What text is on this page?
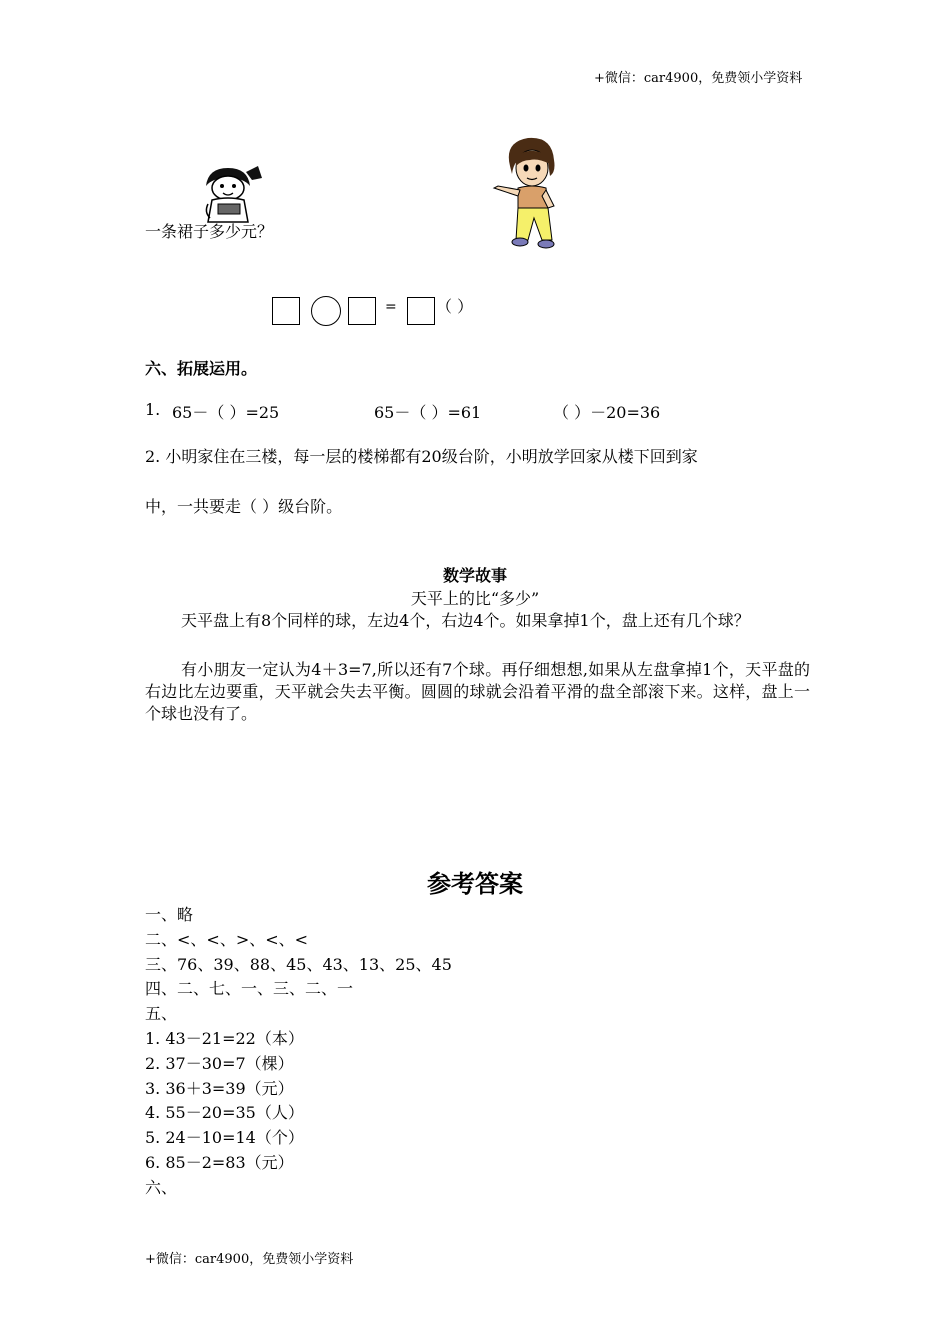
+微信：car4900，免费领小学资料
一条裙子多少元？
= （ ）
六、拓展运用。
1. 65－（ ）=25	65－（ ）=61	（ ）－20=36
2. 小明家住在三楼，每一层的楼梯都有20级台阶，小明放学回家从楼下回到家
中，一共要走（ ）级台阶。
数学故事
天平上的比“多少”
天平盘上有8个同样的球，左边4个，右边4个。如果拿掉1个，盘上还有几个球？
有小朋友一定认为4＋3=7,所以还有7个球。再仔细想想,如果从左盘拿掉1个，天平盘的右边比左边要重，天平就会失去平衡。圆圆的球就会沿着平滑的盘全部滚下来。这样，盘上一个球也没有了。
参考答案
一、略
二、<、<、>、<、<
三、76、39、88、45、43、13、25、45
四、二、七、一、三、二、一
五、
1. 43－21=22（本）
2. 37－30=7（棵）
3. 36＋3=39（元）
4. 55－20=35（人）
5. 24－10=14（个）
6. 85－2=83（元）
六、
+微信：car4900，免费领小学资料
